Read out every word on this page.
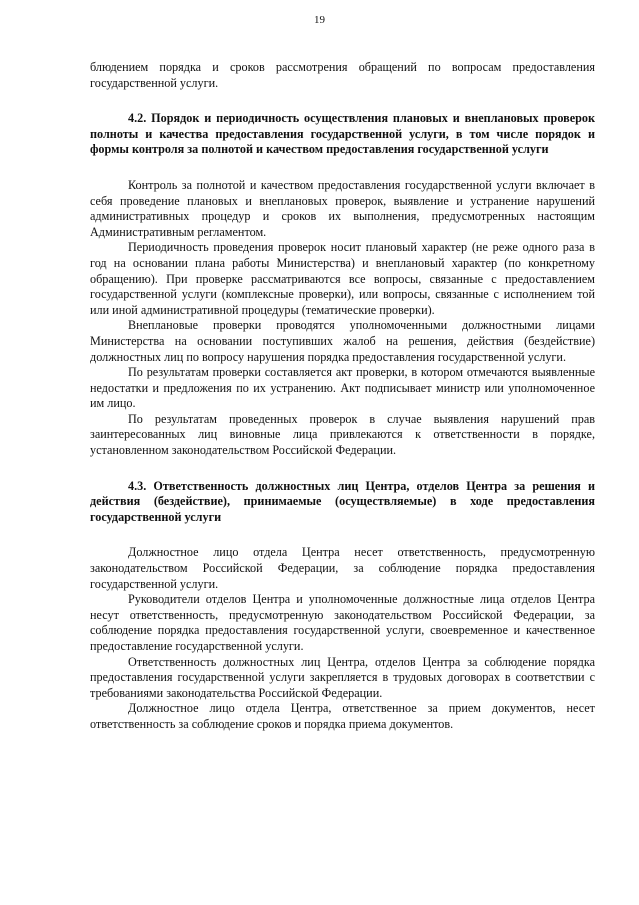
19

блюдением порядка и сроков рассмотрения обращений по вопросам предоставления государственной услуги.

4.2. Порядок и периодичность осуществления плановых и внеплановых проверок полноты и качества предоставления государственной услуги, в том числе порядок и формы контроля за полнотой и качеством предоставления государственной услуги

Контроль за полнотой и качеством предоставления государственной услуги включает в себя проведение плановых и внеплановых проверок, выявление и устранение нарушений административных процедур и сроков их выполнения, предусмотренных настоящим Административным регламентом.

Периодичность проведения проверок носит плановый характер (не реже одного раза в год на основании плана работы Министерства) и внеплановый характер (по конкретному обращению). При проверке рассматриваются все вопросы, связанные с предоставлением государственной услуги (комплексные проверки), или вопросы, связанные с исполнением той или иной административной процедуры (тематические проверки).

Внеплановые проверки проводятся уполномоченными должностными лицами Министерства на основании поступивших жалоб на решения, действия (бездействие) должностных лиц по вопросу нарушения порядка предоставления государственной услуги.

По результатам проверки составляется акт проверки, в котором отмечаются выявленные недостатки и предложения по их устранению. Акт подписывает министр или уполномоченное им лицо.

По результатам проведенных проверок в случае выявления нарушений прав заинтересованных лиц виновные лица привлекаются к ответственности в порядке, установленном законодательством Российской Федерации.

4.3. Ответственность должностных лиц Центра, отделов Центра за решения и действия (бездействие), принимаемые (осуществляемые) в ходе предоставления государственной услуги

Должностное лицо отдела Центра несет ответственность, предусмотренную законодательством Российской Федерации, за соблюдение порядка предоставления государственной услуги.

Руководители отделов Центра и уполномоченные должностные лица отделов Центра несут ответственность, предусмотренную законодательством Российской Федерации, за соблюдение порядка предоставления государственной услуги, своевременное и качественное предоставление государственной услуги.

Ответственность должностных лиц Центра, отделов Центра за соблюдение порядка предоставления государственной услуги закрепляется в трудовых договорах в соответствии с требованиями законодательства Российской Федерации.

Должностное лицо отдела Центра, ответственное за прием документов, несет ответственность за соблюдение сроков и порядка приема документов.
